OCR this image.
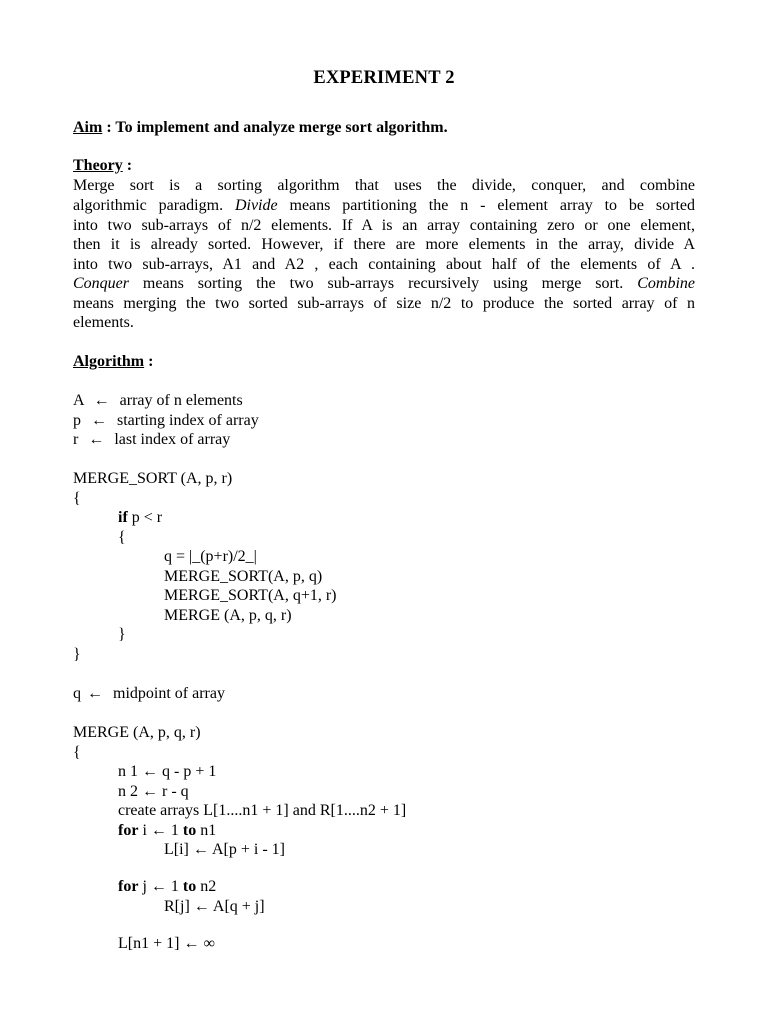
EXPERIMENT 2
Aim : To implement and analyze merge sort algorithm.
Theory :
Merge sort is a sorting algorithm that uses the divide, conquer, and combine
algorithmic paradigm. Divide means partitioning the n - element array to be sorted
into two sub-arrays of n/2 elements. If A is an array containing zero or one element,
then it is already sorted. However, if there are more elements in the array, divide A
into two sub-arrays, A1 and A2 , each containing about half of the elements of A .
Conquer means sorting the two sub-arrays recursively using merge sort. Combine
means merging the two sorted sub-arrays of size n/2 to produce the sorted array of n
elements.
Algorithm :
A ← array of n elements
p ← starting index of array
r ← last index of array
MERGE_SORT (A, p, r)
{
if p < r
{
q = |_(p+r)/2_|
MERGE_SORT(A, p, q)
MERGE_SORT(A, q+1, r)
MERGE (A, p, q, r)
}
}
q ← midpoint of array
MERGE (A, p, q, r)
{
n 1 ← q - p + 1
n 2 ← r - q
create arrays L[1....n1 + 1] and R[1....n2 + 1]
for i ← 1 to n1
L[i] ← A[p + i - 1]
for j ← 1 to n2
R[j] ← A[q + j]
L[n1 + 1] ← ∞
